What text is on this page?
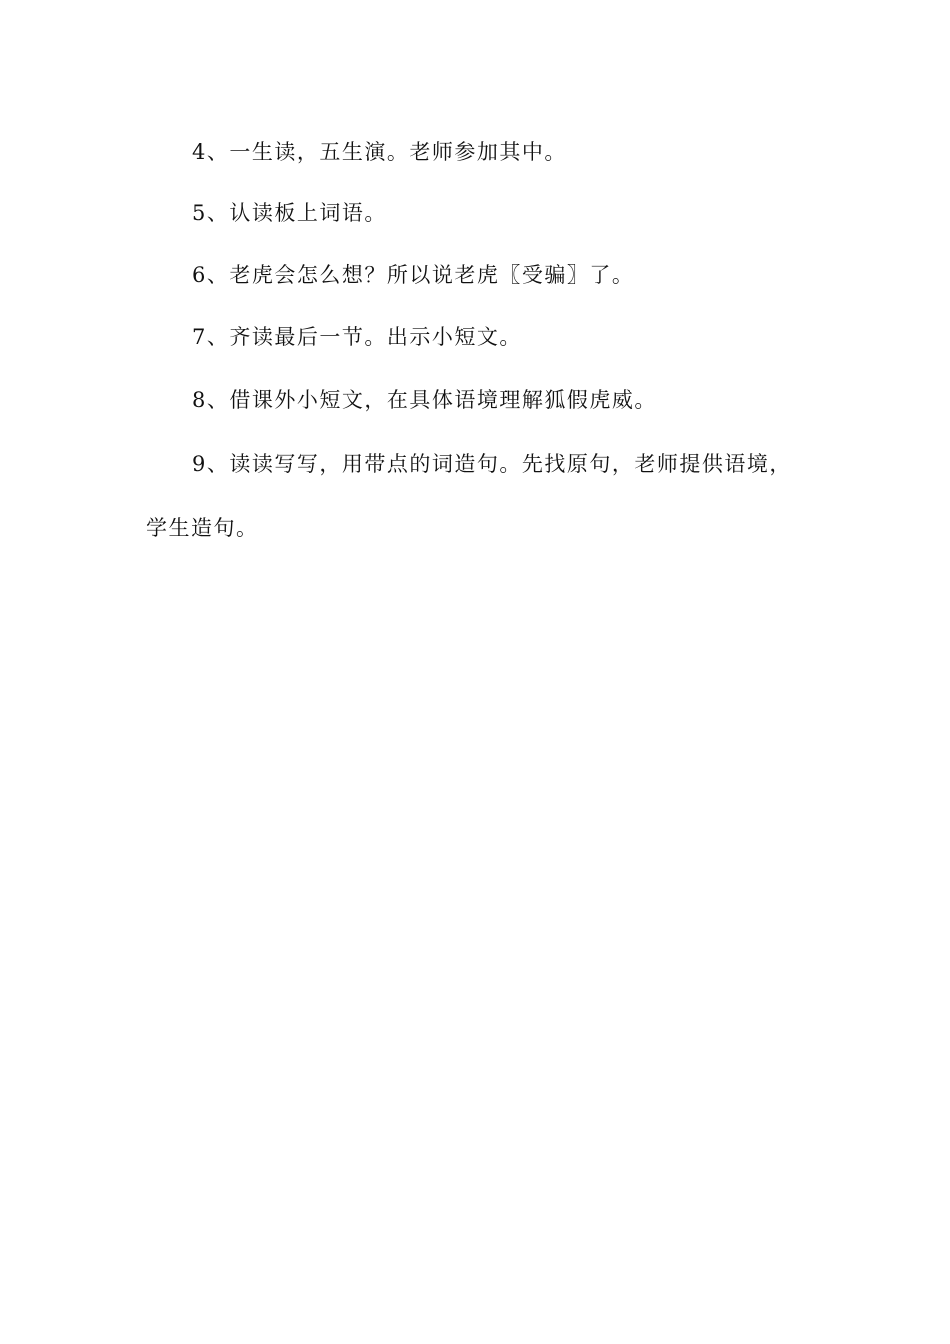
4、一生读，五生演。老师参加其中。

5、认读板上词语。

6、老虎会怎么想？所以说老虎〖受骗〗了。

7、齐读最后一节。出示小短文。

8、借课外小短文，在具体语境理解狐假虎威。

9、读读写写，用带点的词造句。先找原句，老师提供语境，学生造句。
